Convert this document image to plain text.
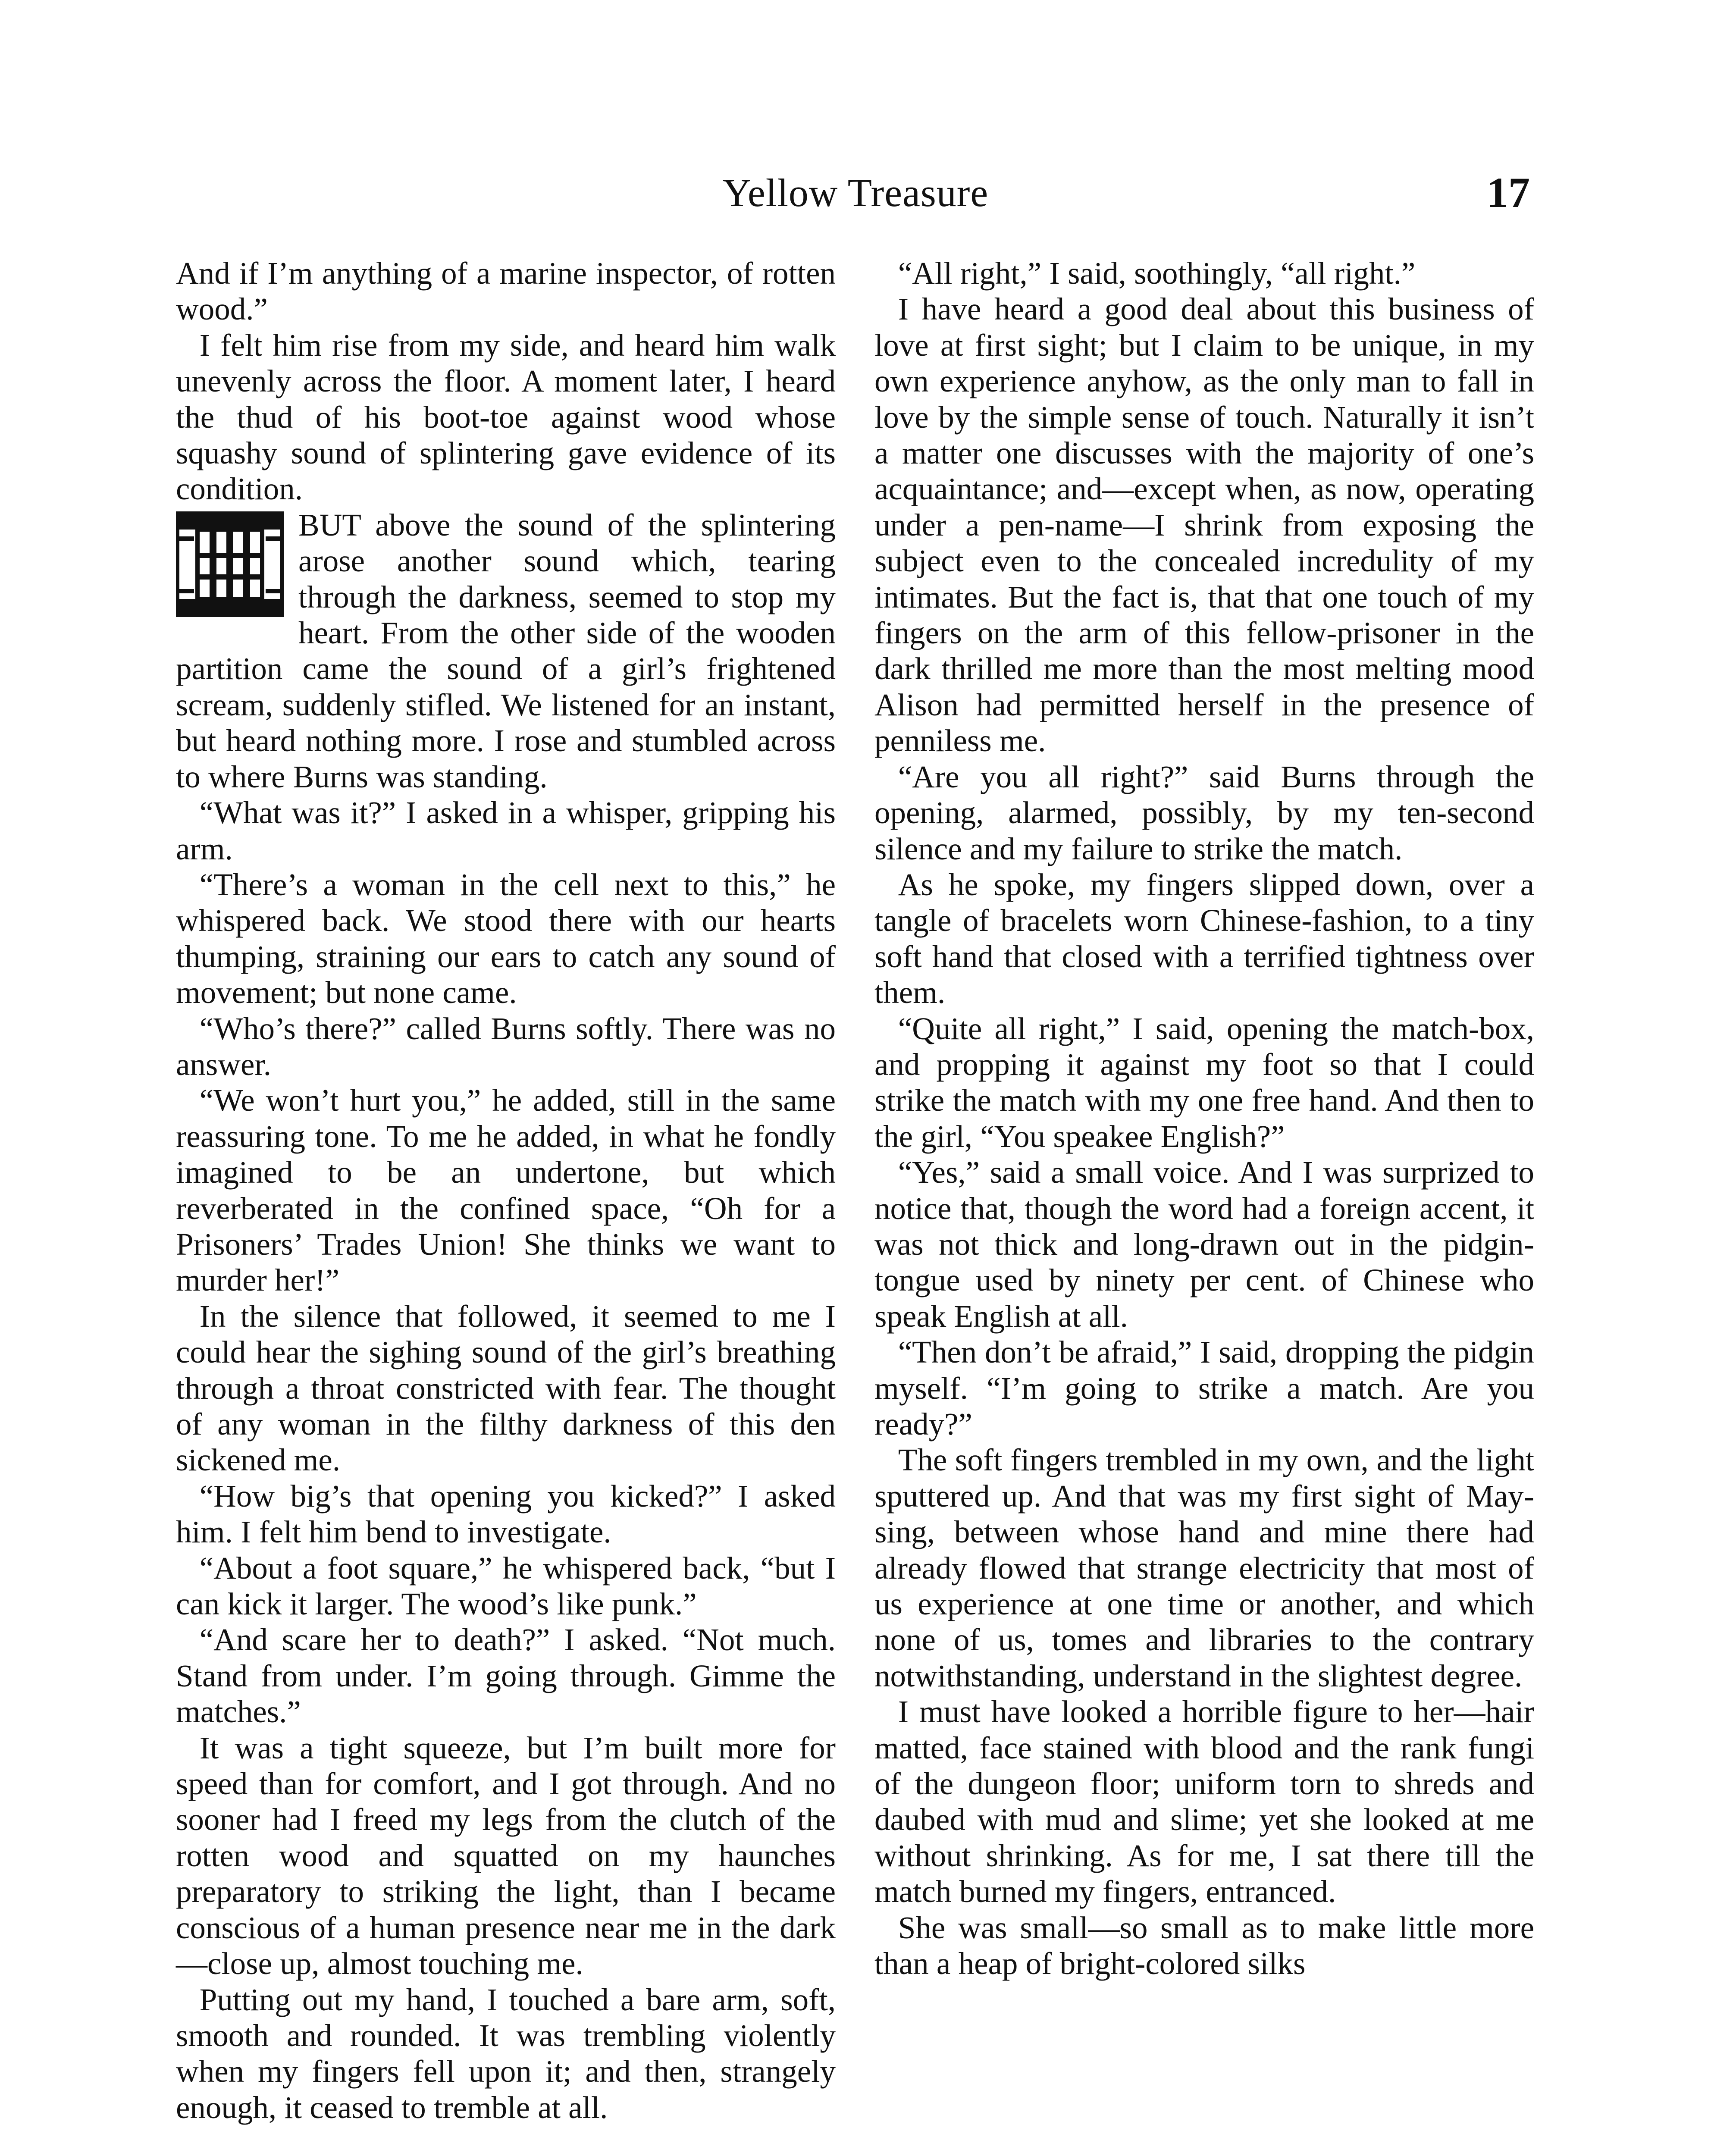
Yellow Treasure	17

And if I’m anything of a marine inspector, of rotten wood.”

I felt him rise from my side, and heard him walk unevenly across the floor. A moment later, I heard the thud of his boot-toe against wood whose squashy sound of splintering gave evidence of its condition.

BUT above the sound of the splintering arose another sound which, tearing through the darkness, seemed to stop my heart. From the other side of the wooden partition came the sound of a girl’s frightened scream, suddenly stifled. We listened for an instant, but heard nothing more. I rose and stumbled across to where Burns was standing.

“What was it?” I asked in a whisper, gripping his arm.

“There’s a woman in the cell next to this,” he whispered back. We stood there with our hearts thumping, straining our ears to catch any sound of movement; but none came.

“Who’s there?” called Burns softly. There was no answer.

“We won’t hurt you,” he added, still in the same reassuring tone. To me he added, in what he fondly imagined to be an undertone, but which reverberated in the confined space, “Oh for a Prisoners’ Trades Union! She thinks we want to murder her!”

In the silence that followed, it seemed to me I could hear the sighing sound of the girl’s breathing through a throat constricted with fear. The thought of any woman in the filthy darkness of this den sickened me.

“How big’s that opening you kicked?” I asked him. I felt him bend to investigate.

“About a foot square,” he whispered back, “but I can kick it larger. The wood’s like punk.”

“And scare her to death?” I asked. “Not much. Stand from under. I’m going through. Gimme the matches.”

It was a tight squeeze, but I’m built more for speed than for comfort, and I got through. And no sooner had I freed my legs from the clutch of the rotten wood and squatted on my haunches preparatory to striking the light, than I became conscious of a human presence near me in the dark—close up, almost touching me.

Putting out my hand, I touched a bare arm, soft, smooth and rounded. It was trembling violently when my fingers fell upon it; and then, strangely enough, it ceased to tremble at all.

“All right,” I said, soothingly, “all right.”

I have heard a good deal about this business of love at first sight; but I claim to be unique, in my own experience anyhow, as the only man to fall in love by the simple sense of touch. Naturally it isn’t a matter one discusses with the majority of one’s acquaintance; and—except when, as now, operating under a pen-name—I shrink from exposing the subject even to the concealed incredulity of my intimates. But the fact is, that that one touch of my fingers on the arm of this fellow-prisoner in the dark thrilled me more than the most melting mood Alison had permitted herself in the presence of penniless me.

“Are you all right?” said Burns through the opening, alarmed, possibly, by my ten-second silence and my failure to strike the match.

As he spoke, my fingers slipped down, over a tangle of bracelets worn Chinese-fashion, to a tiny soft hand that closed with a terrified tightness over them.

“Quite all right,” I said, opening the match-box, and propping it against my foot so that I could strike the match with my one free hand. And then to the girl, “You speakee English?”

“Yes,” said a small voice. And I was surprized to notice that, though the word had a foreign accent, it was not thick and long-drawn out in the pidgin-tongue used by ninety per cent. of Chinese who speak English at all.

“Then don’t be afraid,” I said, dropping the pidgin myself. “I’m going to strike a match. Are you ready?”

The soft fingers trembled in my own, and the light sputtered up. And that was my first sight of May-sing, between whose hand and mine there had already flowed that strange electricity that most of us experience at one time or another, and which none of us, tomes and libraries to the contrary notwithstanding, understand in the slightest degree.

I must have looked a horrible figure to her—hair matted, face stained with blood and the rank fungi of the dungeon floor; uniform torn to shreds and daubed with mud and slime; yet she looked at me without shrinking. As for me, I sat there till the match burned my fingers, entranced.

She was small—so small as to make little more than a heap of bright-colored silks
